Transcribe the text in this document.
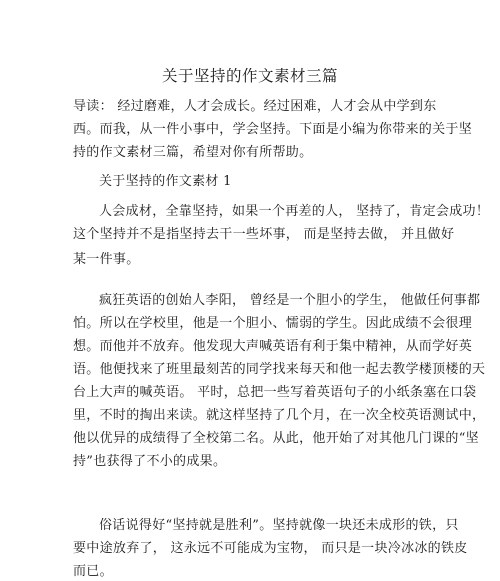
关于坚持的作文素材三篇
导读： 经过磨难，人才会成长。经过困难，人才会从中学到东
西。而我，从一件小事中，学会坚持。下面是小编为你带来的关于坚
持的作文素材三篇，希望对你有所帮助。
关于坚持的作文素材 1
人会成材，全靠坚持，如果一个再差的人， 坚持了，肯定会成功！
这个坚持并不是指坚持去干一些坏事， 而是坚持去做， 并且做好
某一件事。
疯狂英语的创始人李阳， 曾经是一个胆小的学生， 他做任何事都
怕。所以在学校里，他是一个胆小、懦弱的学生。因此成绩不会很理
想。而他并不放弃。他发现大声喊英语有利于集中精神，从而学好英
语。他便找来了班里最刻苦的同学找来每天和他一起去教学楼顶楼的天
台上大声的喊英语。 平时，总把一些写着英语句子的小纸条塞在口袋
里，不时的掏出来读。就这样坚持了几个月，在一次全校英语测试中，
他以优异的成绩得了全校第二名。从此，他开始了对其他几门课的“坚
持”也获得了不小的成果。
俗话说得好“坚持就是胜利”。坚持就像一块还未成形的铁，只
要中途放弃了， 这永远不可能成为宝物， 而只是一块冷冰冰的铁皮
而已。
